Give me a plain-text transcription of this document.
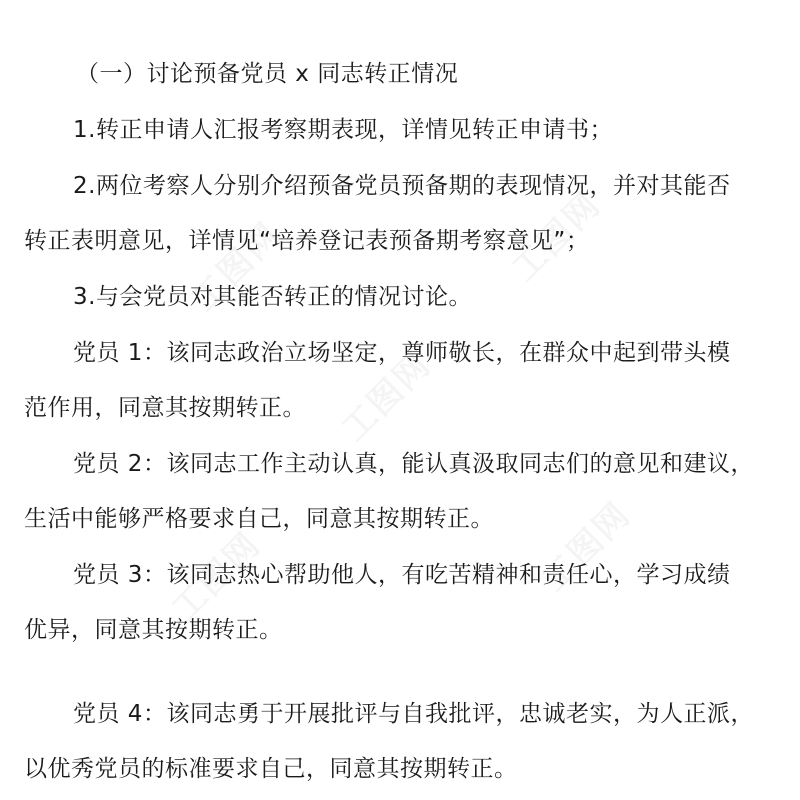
（一）讨论预备党员 x 同志转正情况
1.转正申请人汇报考察期表现，详情见转正申请书；
2.两位考察人分别介绍预备党员预备期的表现情况，并对其能否
转正表明意见，详情见“培养登记表预备期考察意见”；
3.与会党员对其能否转正的情况讨论。
党员 1：该同志政治立场坚定，尊师敬长，在群众中起到带头模
范作用，同意其按期转正。
党员 2：该同志工作主动认真，能认真汲取同志们的意见和建议，
生活中能够严格要求自己，同意其按期转正。
党员 3：该同志热心帮助他人，有吃苦精神和责任心，学习成绩
优异，同意其按期转正。
党员 4：该同志勇于开展批评与自我批评，忠诚老实，为人正派，
以优秀党员的标准要求自己，同意其按期转正。
